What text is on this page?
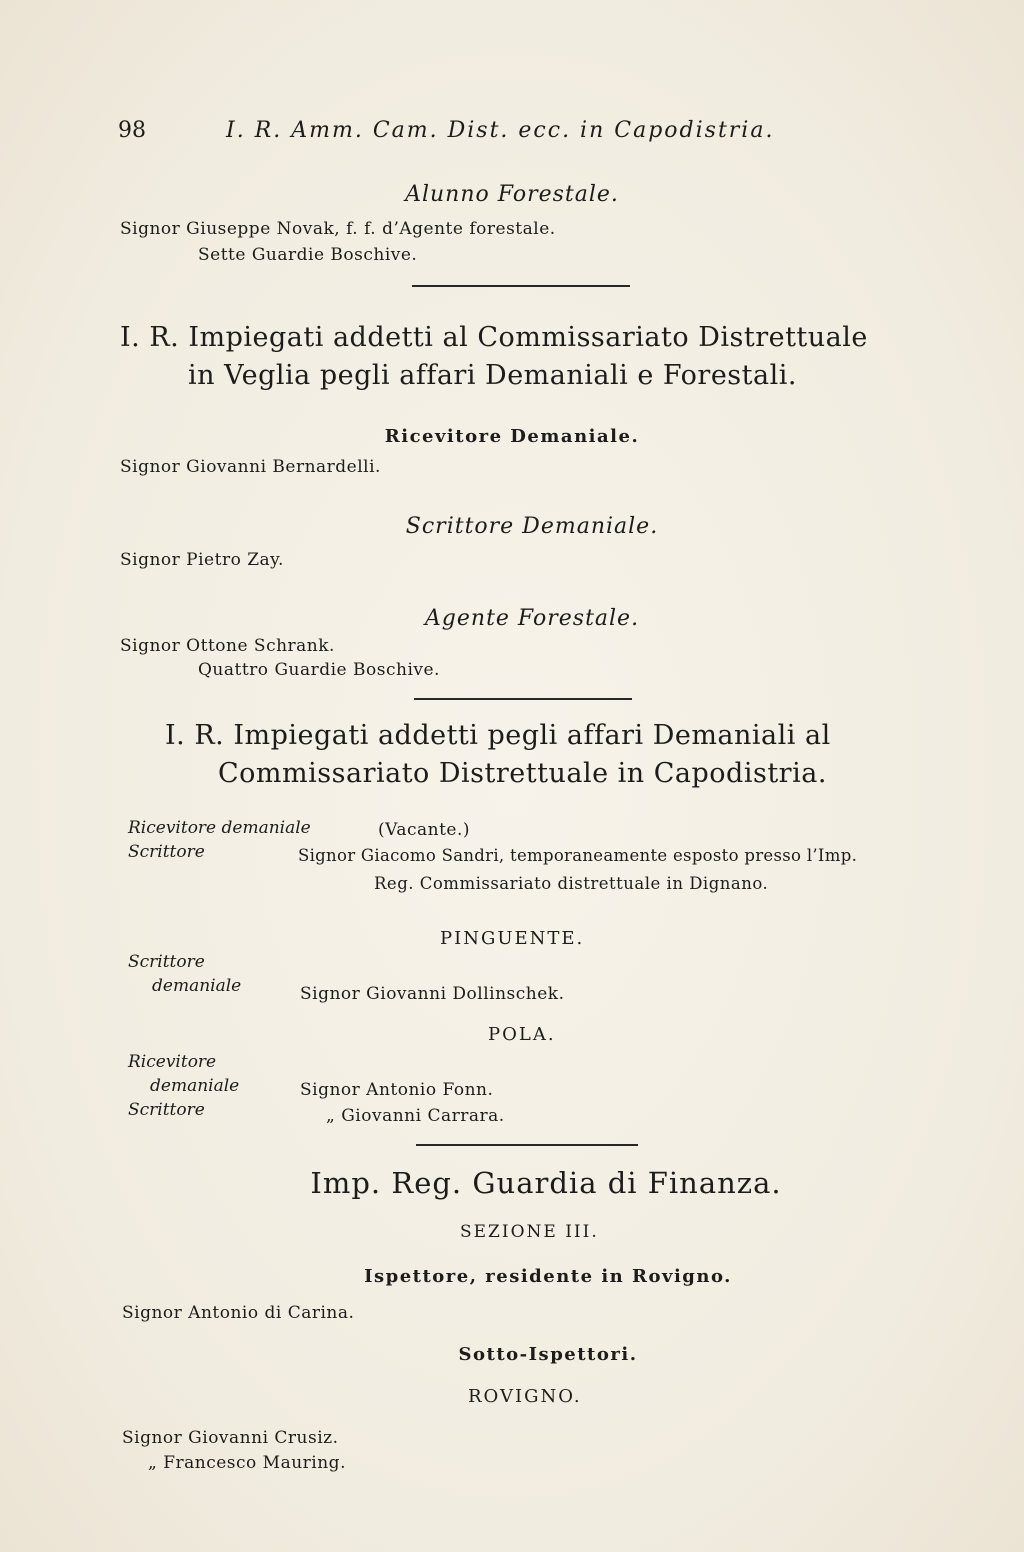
98	I. R. Amm. Cam. Dist. ecc. in Capodistria.
Alunno Forestale.
Signor Giuseppe Novak, f. f. d’Agente forestale.
Sette Guardie Boschive.
I. R. Impiegati addetti al Commissariato Distrettuale
in Veglia pegli affari Demaniali e Forestali.
Ricevitore Demaniale.
Signor Giovanni Bernardelli.
Scrittore Demaniale.
Signor Pietro Zay.
Agente Forestale.
Signor Ottone Schrank.
Quattro Guardie Boschive.
I. R. Impiegati addetti pegli affari Demaniali al
Commissariato Distrettuale in Capodistria.
Ricevitore demaniale	(Vacante.)
Scrittore	Signor Giacomo Sandri, temporaneamente esposto presso l’Imp.
Reg. Commissariato distrettuale in Dignano.
PINGUENTE.
Scrittore
demaniale	Signor Giovanni Dollinschek.
POLA.
Ricevitore
demaniale	Signor Antonio Fonn.
Scrittore	„ Giovanni Carrara.
Imp. Reg. Guardia di Finanza.
SEZIONE III.
Ispettore, residente in Rovigno.
Signor Antonio di Carina.
Sotto-Ispettori.
ROVIGNO.
Signor Giovanni Crusiz.
„ Francesco Mauring.
